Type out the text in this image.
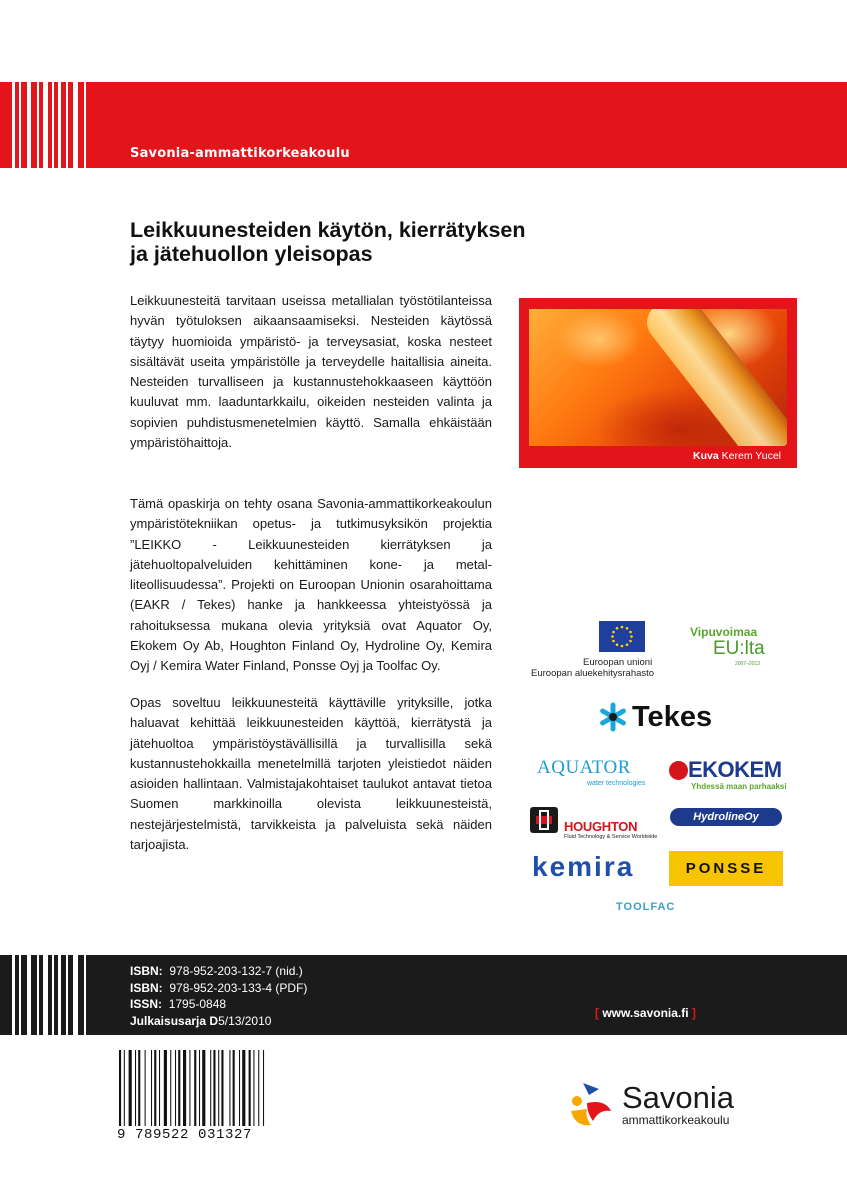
Savonia-ammattikorkeakoulu
Leikkuunesteiden käytön, kierrätyksen
ja jätehuollon yleisopas
Leikkuunesteitä tarvitaan useissa metallialan työstötilanteissa hyvän työtuloksen aikaansaamiseksi. Nesteiden käytössä täytyy huomioida ympäristö- ja terveysasiat, koska nesteet sisältävät useita ympäristölle ja terveydelle haitallisia aineita. Nesteiden turvalliseen ja kustannustehokkaaseen käyttöön kuuluvat mm. laaduntarkkailu, oikeiden nesteiden valinta ja sopivien puhdistusmenetelmien käyttö. Samalla ehkäistään ympäristöhaittoja.
Tämä opaskirja on tehty osana Savonia-ammattikorkeakoulun ympäristötekniikan opetus- ja tutkimusyksikön projektia ”LEIKKO - Leikkuunesteiden kierrätyksen ja jätehuoltopalveluiden kehittäminen kone- ja metalliteollisuudessa”. Projekti on Euroopan Unionin osarahoittama (EAKR / Tekes) hanke ja hankkeessa yhteistyössä ja rahoituksessa mukana olevia yrityksiä ovat Aquator Oy, Ekokem Oy Ab, Houghton Finland Oy, Hydroline Oy, Kemira Oyj / Kemira Water Finland, Ponsse Oyj ja Toolfac Oy.
Opas soveltuu leikkuunesteitä käyttäville yrityksille, jotka haluavat kehittää leikkuunesteiden käyttöä, kierrätystä ja jätehuoltoa ympäristöystävällisillä ja turvallisilla sekä kustannustehokkailla menetelmillä tarjoten yleistiedot näiden asioiden hallintaan. Valmistajakohtaiset taulukot antavat tietoa Suomen markkinoilla olevista leikkuunesteistä, nestejärjestelmistä, tarvikkeista ja palveluista sekä näiden tarjoajista.
Kuva Kerem Yucel
Euroopan unioni
Euroopan aluekehitysrahasto
Vipuvoimaa
EU:lta
2007–2013
Tekes
AQUATOR
water technologies
EKOKEM
Yhdessä maan parhaaksi
HOUGHTON
Fluid Technology & Service Worldwide
HydrolineOy
kemira	PONSSE
TOOLFAC
ISBN: 978-952-203-132-7 (nid.)
ISBN: 978-952-203-133-4 (PDF)
ISSN: 1795-0848
Julkaisusarja D5/13/2010
[ www.savonia.fi ]
9 789522 031327
Savonia
ammattikorkeakoulu
